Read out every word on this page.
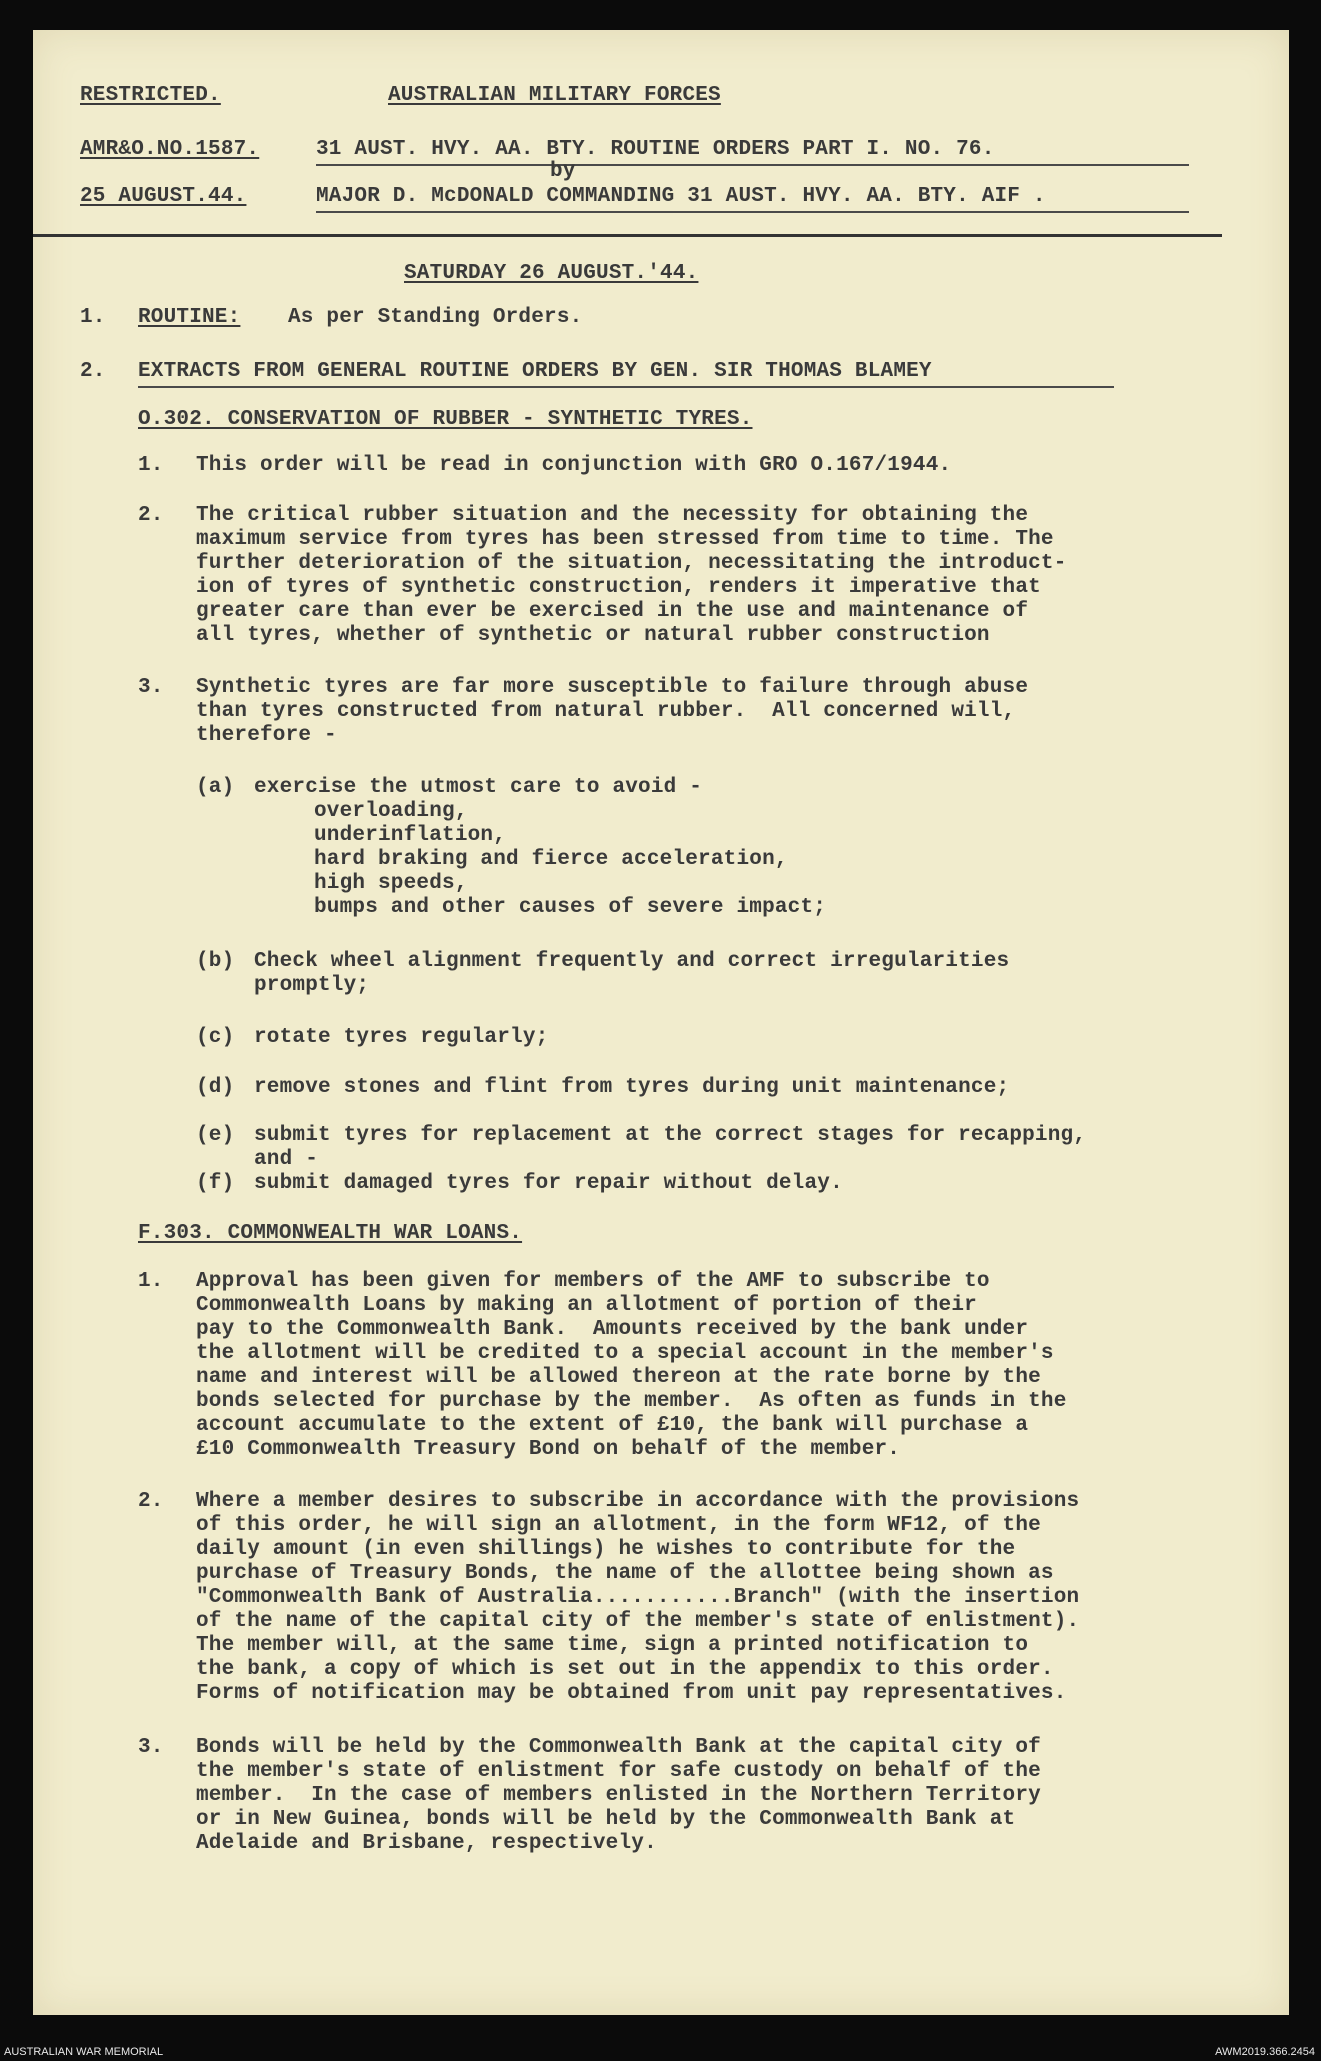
RESTRICTED.	AUSTRALIAN MILITARY FORCES
AMR&O.NO.1587.	31 AUST. HVY. AA. BTY. ROUTINE ORDERS PART I. NO. 76.
by
25 AUGUST.44.	MAJOR D. McDONALD COMMANDING 31 AUST. HVY. AA. BTY. AIF .
SATURDAY 26 AUGUST.'44.
1. ROUTINE: As per Standing Orders.
2. EXTRACTS FROM GENERAL ROUTINE ORDERS BY GEN. SIR THOMAS BLAMEY
O.302. CONSERVATION OF RUBBER - SYNTHETIC TYRES.
1. This order will be read in conjunction with GRO O.167/1944.
2. The critical rubber situation and the necessity for obtaining the
maximum service from tyres has been stressed from time to time. The
further deterioration of the situation, necessitating the introduct-
ion of tyres of synthetic construction, renders it imperative that
greater care than ever be exercised in the use and maintenance of
all tyres, whether of synthetic or natural rubber construction
3. Synthetic tyres are far more susceptible to failure through abuse
than tyres constructed from natural rubber.  All concerned will,
therefore -
(a) exercise the utmost care to avoid -
overloading,
underinflation,
hard braking and fierce acceleration,
high speeds,
bumps and other causes of severe impact;
(b) Check wheel alignment frequently and correct irregularities
promptly;
(c) rotate tyres regularly;
(d) remove stones and flint from tyres during unit maintenance;
(e) submit tyres for replacement at the correct stages for recapping,
and -
(f) submit damaged tyres for repair without delay.
F.303. COMMONWEALTH WAR LOANS.
1. Approval has been given for members of the AMF to subscribe to
Commonwealth Loans by making an allotment of portion of their
pay to the Commonwealth Bank.  Amounts received by the bank under
the allotment will be credited to a special account in the member's
name and interest will be allowed thereon at the rate borne by the
bonds selected for purchase by the member.  As often as funds in the
account accumulate to the extent of £10, the bank will purchase a
£10 Commonwealth Treasury Bond on behalf of the member.
2. Where a member desires to subscribe in accordance with the provisions
of this order, he will sign an allotment, in the form WF12, of the
daily amount (in even shillings) he wishes to contribute for the
purchase of Treasury Bonds, the name of the allottee being shown as
"Commonwealth Bank of Australia...........Branch" (with the insertion
of the name of the capital city of the member's state of enlistment).
The member will, at the same time, sign a printed notification to
the bank, a copy of which is set out in the appendix to this order.
Forms of notification may be obtained from unit pay representatives.
3. Bonds will be held by the Commonwealth Bank at the capital city of
the member's state of enlistment for safe custody on behalf of the
member.  In the case of members enlisted in the Northern Territory
or in New Guinea, bonds will be held by the Commonwealth Bank at
Adelaide and Brisbane, respectively.
AUSTRALIAN WAR MEMORIAL	AWM2019.366.2454
